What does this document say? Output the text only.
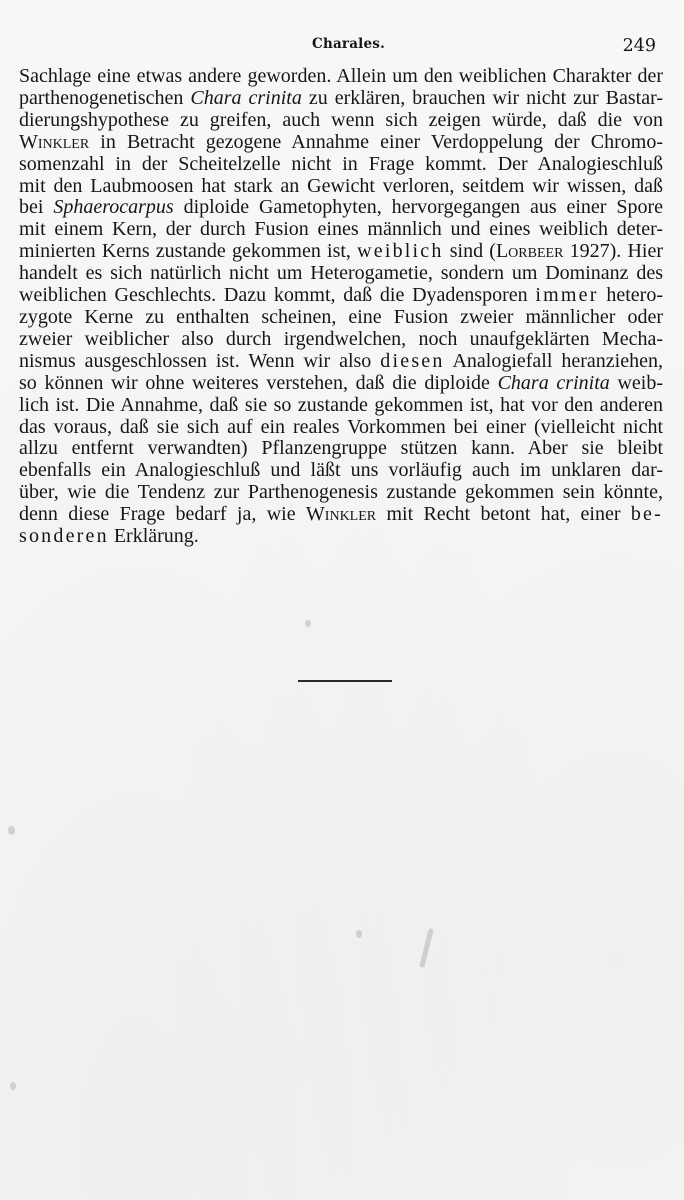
Charales.	249
Sachlage eine etwas andere geworden. Allein um den weiblichen Charakter der
parthenogenetischen Chara crinita zu erklären, brauchen wir nicht zur Bastar-
dierungshypothese zu greifen, auch wenn sich zeigen würde, daß die von
Winkler in Betracht gezogene Annahme einer Verdoppelung der Chromo-
somenzahl in der Scheitelzelle nicht in Frage kommt. Der Analogieschluß
mit den Laubmoosen hat stark an Gewicht verloren, seitdem wir wissen, daß
bei Sphaerocarpus diploide Gametophyten, hervorgegangen aus einer Spore
mit einem Kern, der durch Fusion eines männlich und eines weiblich deter-
minierten Kerns zustande gekommen ist, weiblich sind (Lorbeer 1927). Hier
handelt es sich natürlich nicht um Heterogametie, sondern um Dominanz des
weiblichen Geschlechts. Dazu kommt, daß die Dyadensporen immer hetero-
zygote Kerne zu enthalten scheinen, eine Fusion zweier männlicher oder
zweier weiblicher also durch irgendwelchen, noch unaufgeklärten Mecha-
nismus ausgeschlossen ist. Wenn wir also diesen Analogiefall heranziehen,
so können wir ohne weiteres verstehen, daß die diploide Chara crinita weib-
lich ist. Die Annahme, daß sie so zustande gekommen ist, hat vor den anderen
das voraus, daß sie sich auf ein reales Vorkommen bei einer (vielleicht nicht
allzu entfernt verwandten) Pflanzengruppe stützen kann. Aber sie bleibt
ebenfalls ein Analogieschluß und läßt uns vorläufig auch im unklaren dar-
über, wie die Tendenz zur Parthenogenesis zustande gekommen sein könnte,
denn diese Frage bedarf ja, wie Winkler mit Recht betont hat, einer be-
sonderen Erklärung.
